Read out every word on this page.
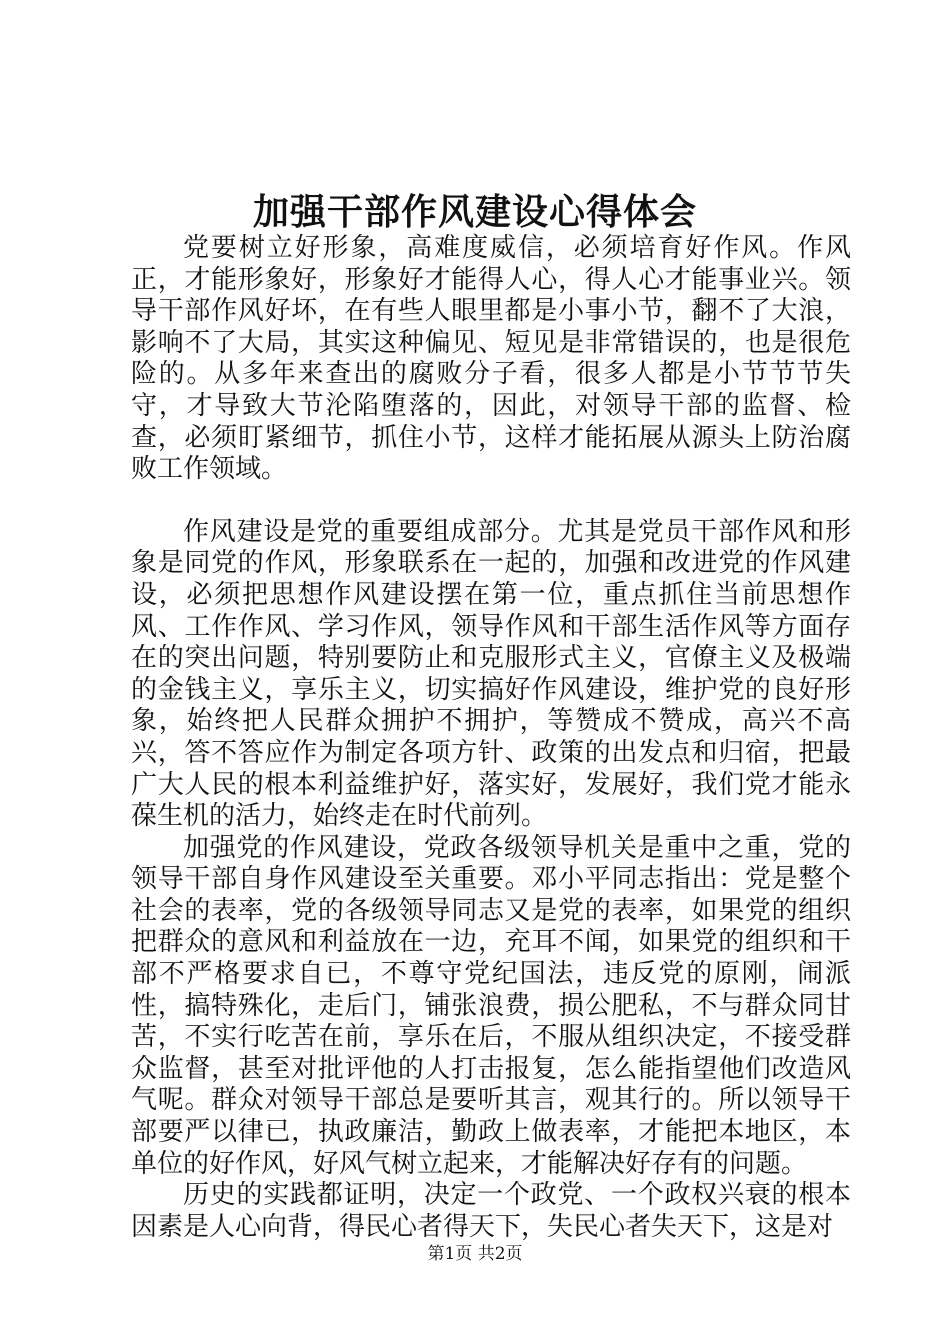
加强干部作风建设心得体会

党要树立好形象，高难度威信，必须培育好作风。作风正，才能形象好，形象好才能得人心，得人心才能事业兴。领导干部作风好坏，在有些人眼里都是小事小节，翻不了大浪，影响不了大局，其实这种偏见、短见是非常错误的，也是很危险的。从多年来查出的腐败分子看，很多人都是小节节节失守，才导致大节沦陷堕落的，因此，对领导干部的监督、检查，必须盯紧细节，抓住小节，这样才能拓展从源头上防治腐败工作领域。

作风建设是党的重要组成部分。尤其是党员干部作风和形象是同党的作风，形象联系在一起的，加强和改进党的作风建设，必须把思想作风建设摆在第一位，重点抓住当前思想作风、工作作风、学习作风，领导作风和干部生活作风等方面存在的突出问题，特别要防止和克服形式主义，官僚主义及极端的金钱主义，享乐主义，切实搞好作风建设，维护党的良好形象，始终把人民群众拥护不拥护，等赞成不赞成，高兴不高兴，答不答应作为制定各项方针、政策的出发点和归宿，把最广大人民的根本利益维护好，落实好，发展好，我们党才能永葆生机的活力，始终走在时代前列。

加强党的作风建设，党政各级领导机关是重中之重，党的领导干部自身作风建设至关重要。邓小平同志指出：党是整个社会的表率，党的各级领导同志又是党的表率，如果党的组织把群众的意风和利益放在一边，充耳不闻，如果党的组织和干部不严格要求自已，不尊守党纪国法，违反党的原刚，闹派性，搞特殊化，走后门，铺张浪费，损公肥私，不与群众同甘苦，不实行吃苦在前，享乐在后，不服从组织决定，不接受群众监督，甚至对批评他的人打击报复，怎么能指望他们改造风气呢。群众对领导干部总是要听其言，观其行的。所以领导干部要严以律已，执政廉洁，勤政上做表率，才能把本地区，本单位的好作风，好风气树立起来，才能解决好存有的问题。

历史的实践都证明，决定一个政党、一个政权兴衰的根本因素是人心向背，得民心者得天下，失民心者失天下，这是对

第1页 共2页
